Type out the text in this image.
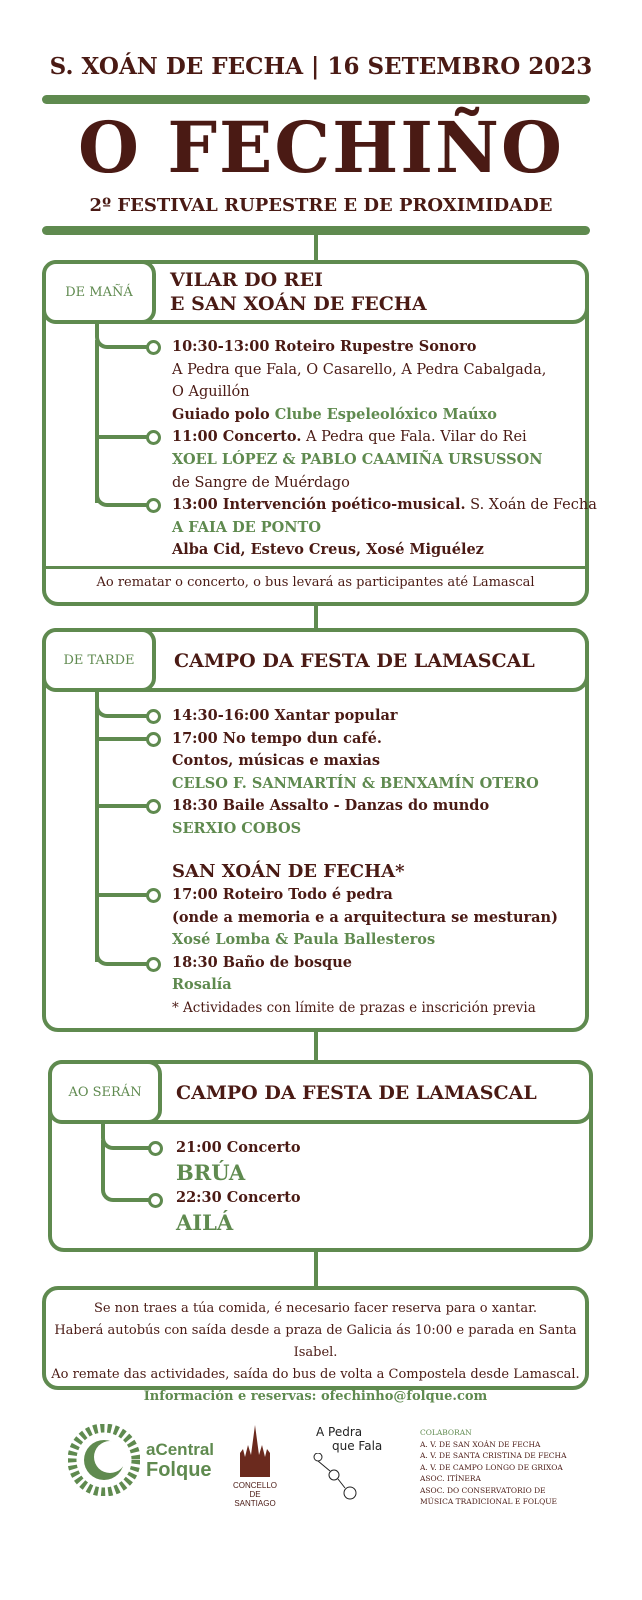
S. XOÁN DE FECHA | 16 SETEMBRO 2023
O FECHIÑO
2º FESTIVAL RUPESTRE E DE PROXIMIDADE
DE MAÑÁ
VILAR DO REI
E SAN XOÁN DE FECHA
10:30-13:00 Roteiro Rupestre Sonoro
A Pedra que Fala, O Casarello, A Pedra Cabalgada,
O Aguillón
Guiado polo Clube Espeleolóxico Maúxo
11:00 Concerto. A Pedra que Fala. Vilar do Rei
XOEL LÓPEZ & PABLO CAAMIÑA URSUSSON
de Sangre de Muérdago
13:00 Intervención poético-musical. S. Xoán de Fecha
A FAIA DE PONTO
Alba Cid, Estevo Creus, Xosé Miguélez
Ao rematar o concerto, o bus levará as participantes até Lamascal
DE TARDE	CAMPO DA FESTA DE LAMASCAL
14:30-16:00 Xantar popular
17:00 No tempo dun café.
Contos, músicas e maxias
CELSO F. SANMARTÍN & BENXAMÍN OTERO
18:30 Baile Assalto - Danzas do mundo
SERXIO COBOS
SAN XOÁN DE FECHA*
17:00 Roteiro Todo é pedra
(onde a memoria e a arquitectura se mesturan)
Xosé Lomba & Paula Ballesteros
18:30 Baño de bosque
Rosalía
* Actividades con límite de prazas e inscrición previa
AO SERÁN	CAMPO DA FESTA DE LAMASCAL
21:00 Concerto
BRÚA
22:30 Concerto
AILÁ
Se non traes a túa comida, é necesario facer reserva para o xantar.
Haberá autobús con saída desde a praza de Galicia ás 10:00 e parada en Santa Isabel.
Ao remate das actividades, saída do bus de volta a Compostela desde Lamascal.
Información e reservas: ofechinho@folque.com
aCentral
Folque
CONCELLO DE
SANTIAGO
A Pedra
que Fala
COLABORAN
A. V. DE SAN XOÁN DE FECHA
A. V. DE SANTA CRISTINA DE FECHA
A. V. DE CAMPO LONGO DE GRIXOA
ASOC. ITÍNERA
ASOC. DO CONSERVATORIO DE
MÚSICA TRADICIONAL E FOLQUE
